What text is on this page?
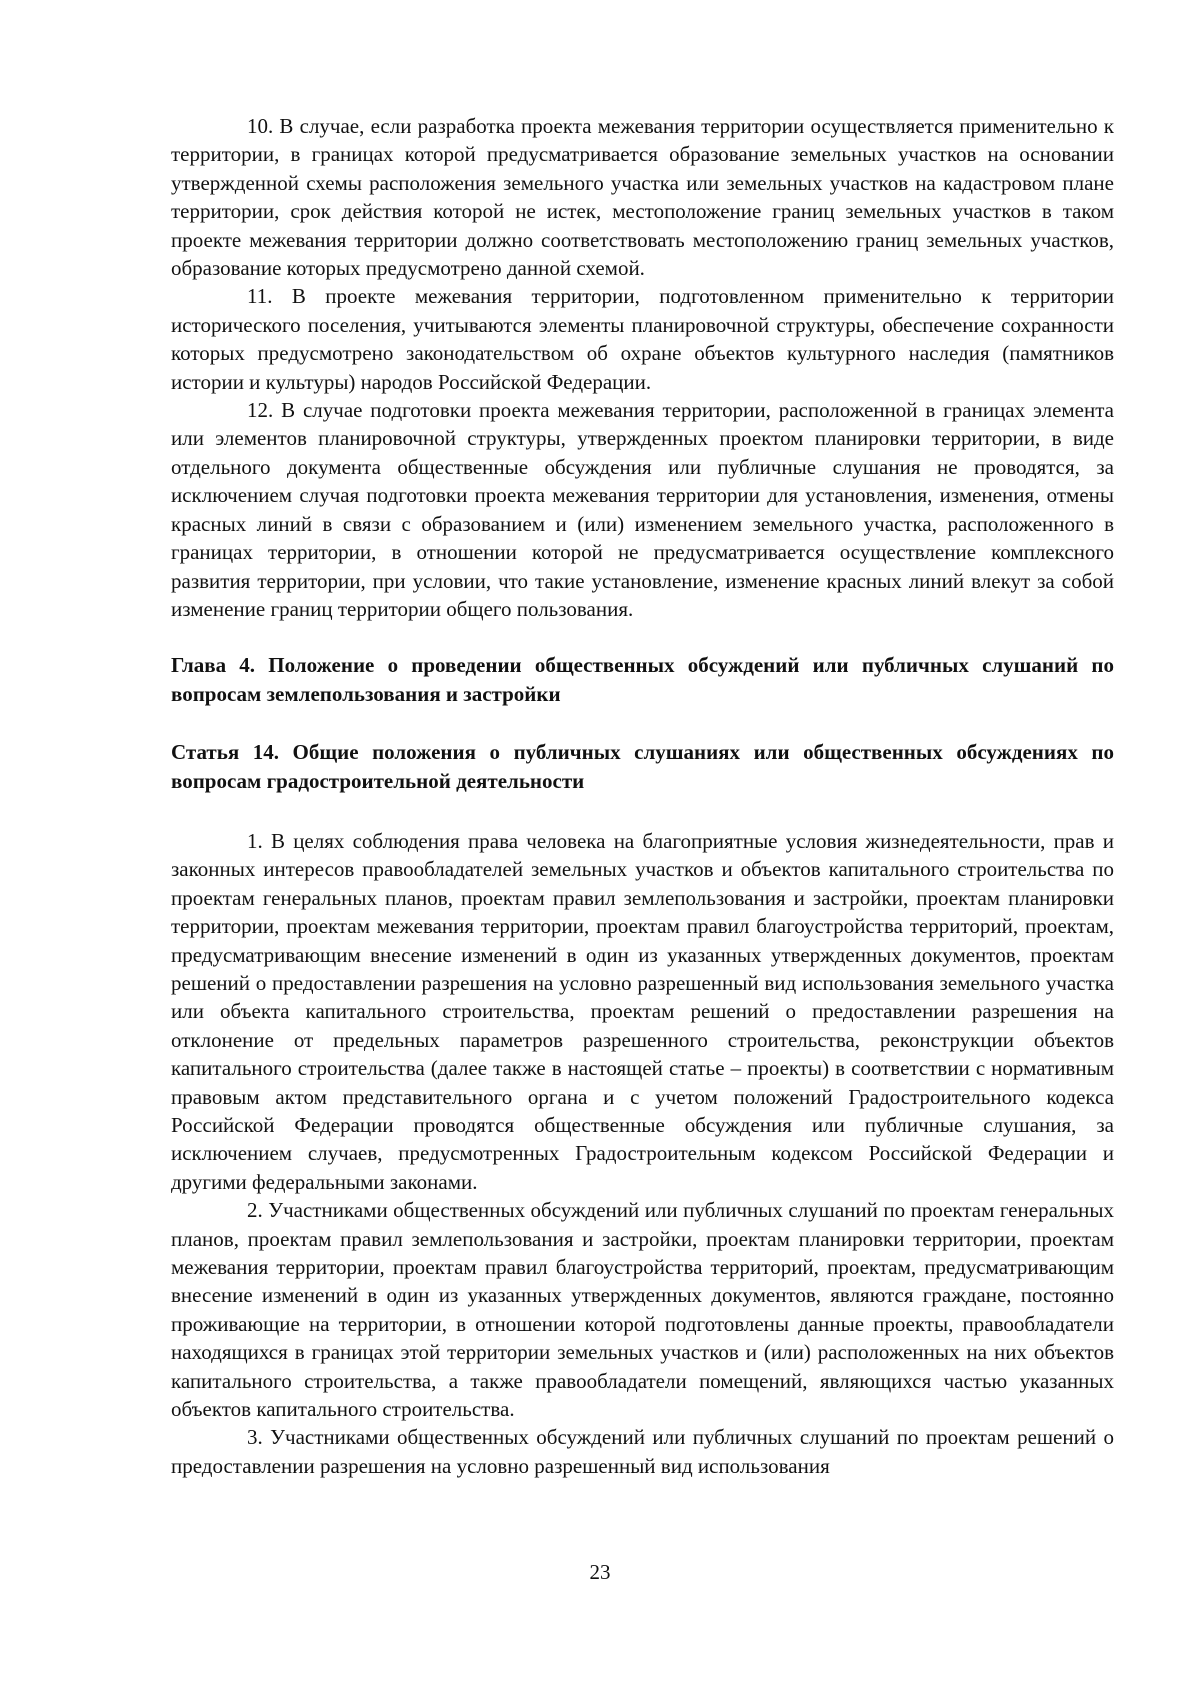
10. В случае, если разработка проекта межевания территории осуществляется применительно к территории, в границах которой предусматривается образование земельных участков на основании утвержденной схемы расположения земельного участка или земельных участков на кадастровом плане территории, срок действия которой не истек, местоположение границ земельных участков в таком проекте межевания территории должно соответствовать местоположению границ земельных участков, образование которых предусмотрено данной схемой.

11. В проекте межевания территории, подготовленном применительно к территории исторического поселения, учитываются элементы планировочной структуры, обеспечение сохранности которых предусмотрено законодательством об охране объектов культурного наследия (памятников истории и культуры) народов Российской Федерации.

12. В случае подготовки проекта межевания территории, расположенной в границах элемента или элементов планировочной структуры, утвержденных проектом планировки территории, в виде отдельного документа общественные обсуждения или публичные слушания не проводятся, за исключением случая подготовки проекта межевания территории для установления, изменения, отмены красных линий в связи с образованием и (или) изменением земельного участка, расположенного в границах территории, в отношении которой не предусматривается осуществление комплексного развития территории, при условии, что такие установление, изменение красных линий влекут за собой изменение границ территории общего пользования.

Глава 4. Положение о проведении общественных обсуждений или публичных слушаний по вопросам землепользования и застройки

Статья 14. Общие положения о публичных слушаниях или общественных обсуждениях по вопросам градостроительной деятельности

1. В целях соблюдения права человека на благоприятные условия жизнедеятельности, прав и законных интересов правообладателей земельных участков и объектов капитального строительства по проектам генеральных планов, проектам правил землепользования и застройки, проектам планировки территории, проектам межевания территории, проектам правил благоустройства территорий, проектам, предусматривающим внесение изменений в один из указанных утвержденных документов, проектам решений о предоставлении разрешения на условно разрешенный вид использования земельного участка или объекта капитального строительства, проектам решений о предоставлении разрешения на отклонение от предельных параметров разрешенного строительства, реконструкции объектов капитального строительства (далее также в настоящей статье – проекты) в соответствии с нормативным правовым актом представительного органа и с учетом положений Градостроительного кодекса Российской Федерации проводятся общественные обсуждения или публичные слушания, за исключением случаев, предусмотренных Градостроительным кодексом Российской Федерации и другими федеральными законами.

2. Участниками общественных обсуждений или публичных слушаний по проектам генеральных планов, проектам правил землепользования и застройки, проектам планировки территории, проектам межевания территории, проектам правил благоустройства территорий, проектам, предусматривающим внесение изменений в один из указанных утвержденных документов, являются граждане, постоянно проживающие на территории, в отношении которой подготовлены данные проекты, правообладатели находящихся в границах этой территории земельных участков и (или) расположенных на них объектов капитального строительства, а также правообладатели помещений, являющихся частью указанных объектов капитального строительства.

3. Участниками общественных обсуждений или публичных слушаний по проектам решений о предоставлении разрешения на условно разрешенный вид использования

23
